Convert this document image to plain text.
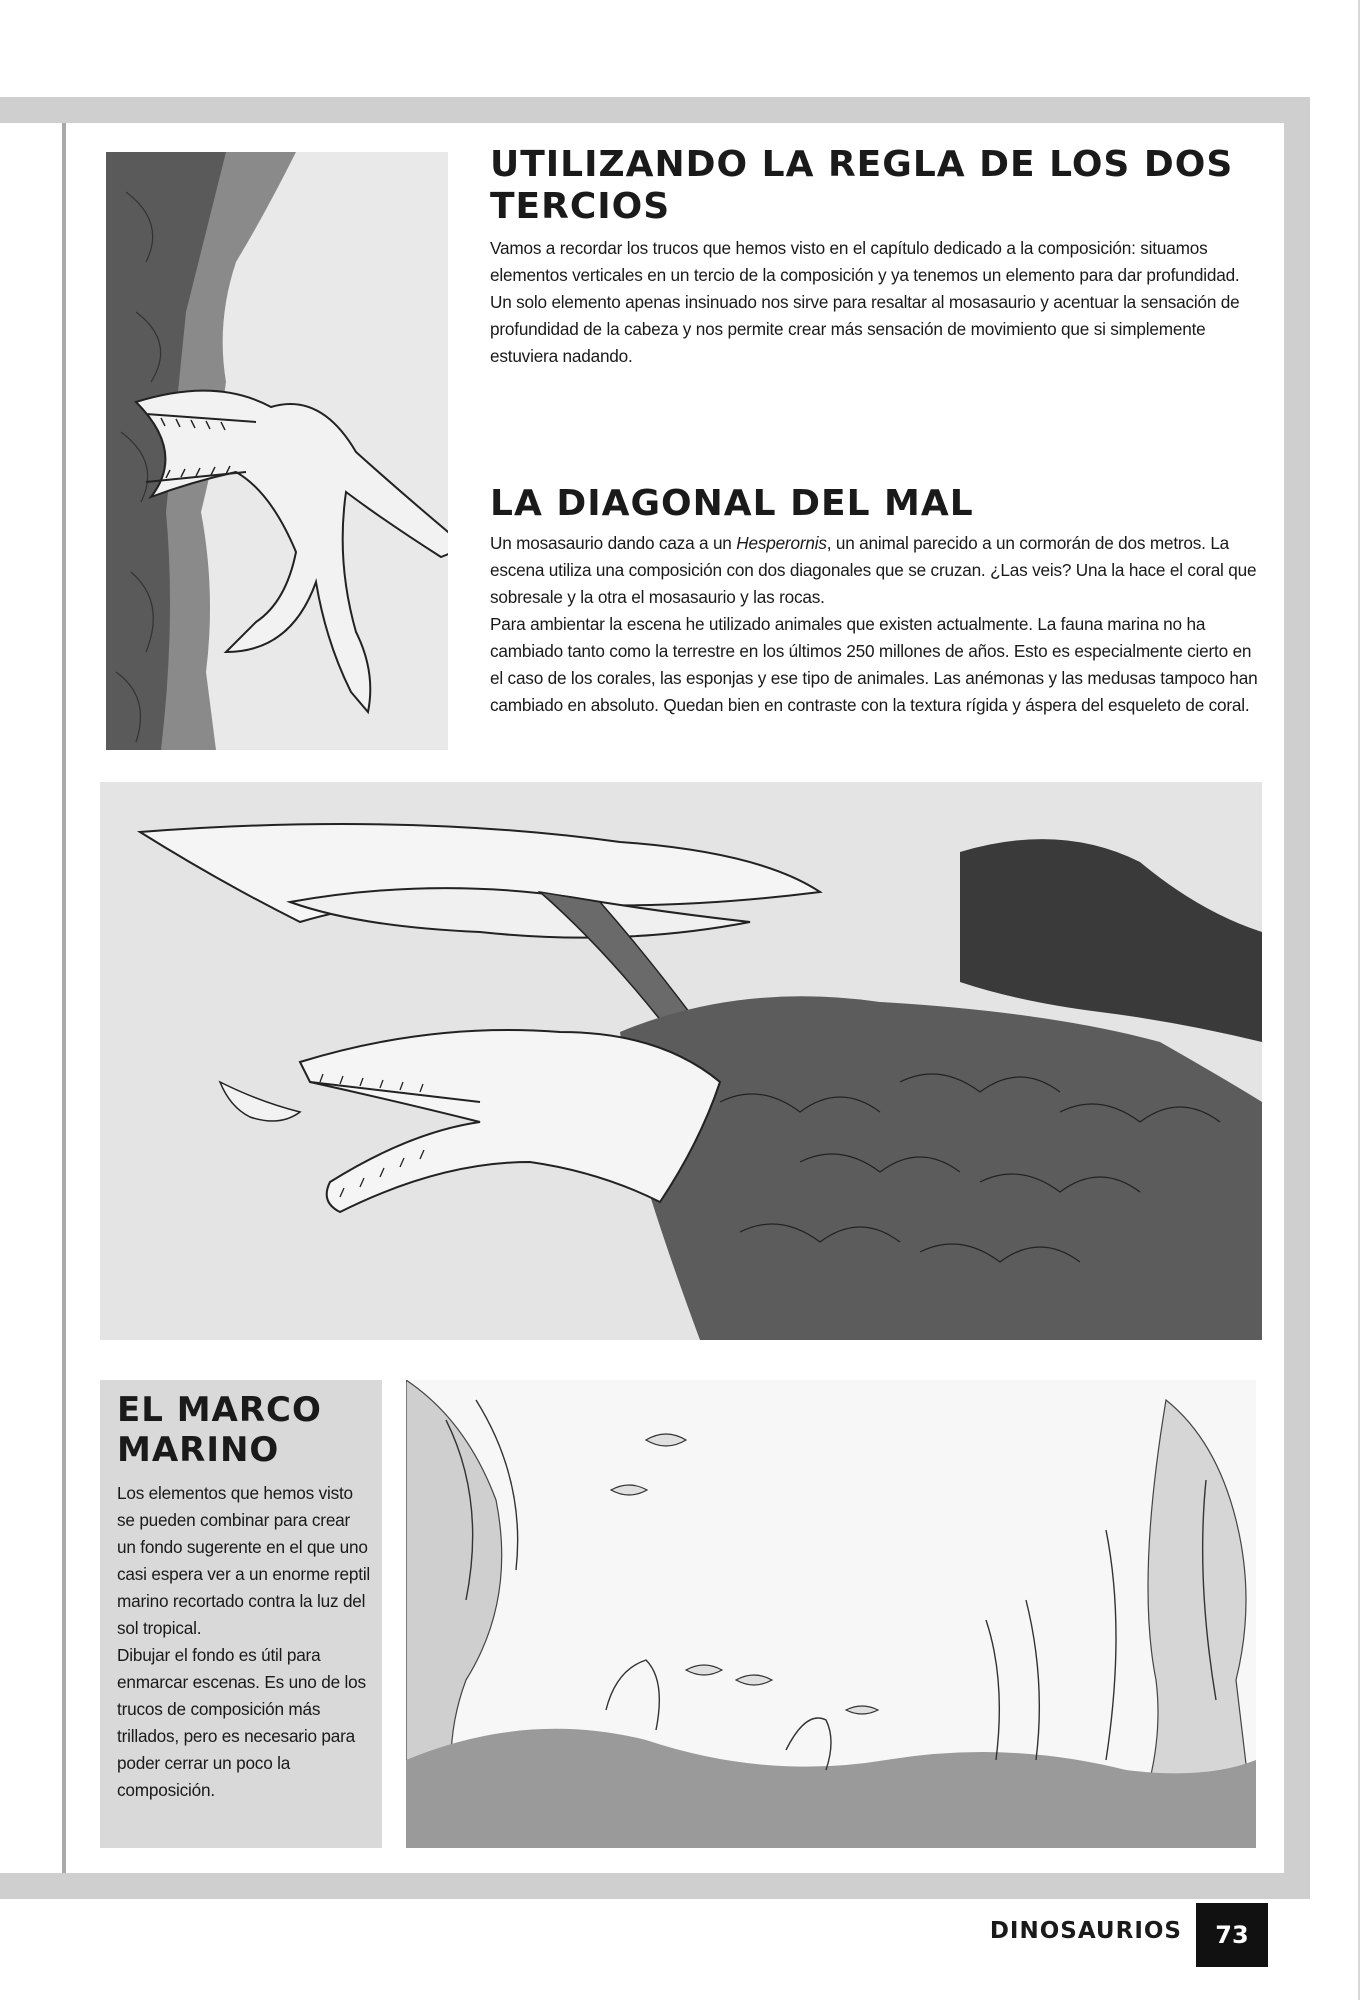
UTILIZANDO LA REGLA DE LOS DOS TERCIOS

Vamos a recordar los trucos que hemos visto en el capítulo dedicado a la composición: situamos elementos verticales en un tercio de la composición y ya tenemos un elemento para dar profundidad. Un solo elemento apenas insinuado nos sirve para resaltar al mosasaurio y acentuar la sensación de profundidad de la cabeza y nos permite crear más sensación de movimiento que si simplemente estuviera nadando.

LA DIAGONAL DEL MAL

Un mosasaurio dando caza a un Hesperornis, un animal parecido a un cormorán de dos metros. La escena utiliza una composición con dos diagonales que se cruzan. ¿Las veis? Una la hace el coral que sobresale y la otra el mosasaurio y las rocas.

Para ambientar la escena he utilizado animales que existen actualmente. La fauna marina no ha cambiado tanto como la terrestre en los últimos 250 millones de años. Esto es especialmente cierto en el caso de los corales, las esponjas y ese tipo de animales. Las anémonas y las medusas tampoco han cambiado en absoluto. Quedan bien en contraste con la textura rígida y áspera del esqueleto de coral.

EL MARCO MARINO

Los elementos que hemos visto se pueden combinar para crear un fondo sugerente en el que uno casi espera ver a un enorme reptil marino recortado contra la luz del sol tropical.

Dibujar el fondo es útil para enmarcar escenas. Es uno de los trucos de composición más trillados, pero es necesario para poder cerrar un poco la composición.

DINOSAURIOS	73
